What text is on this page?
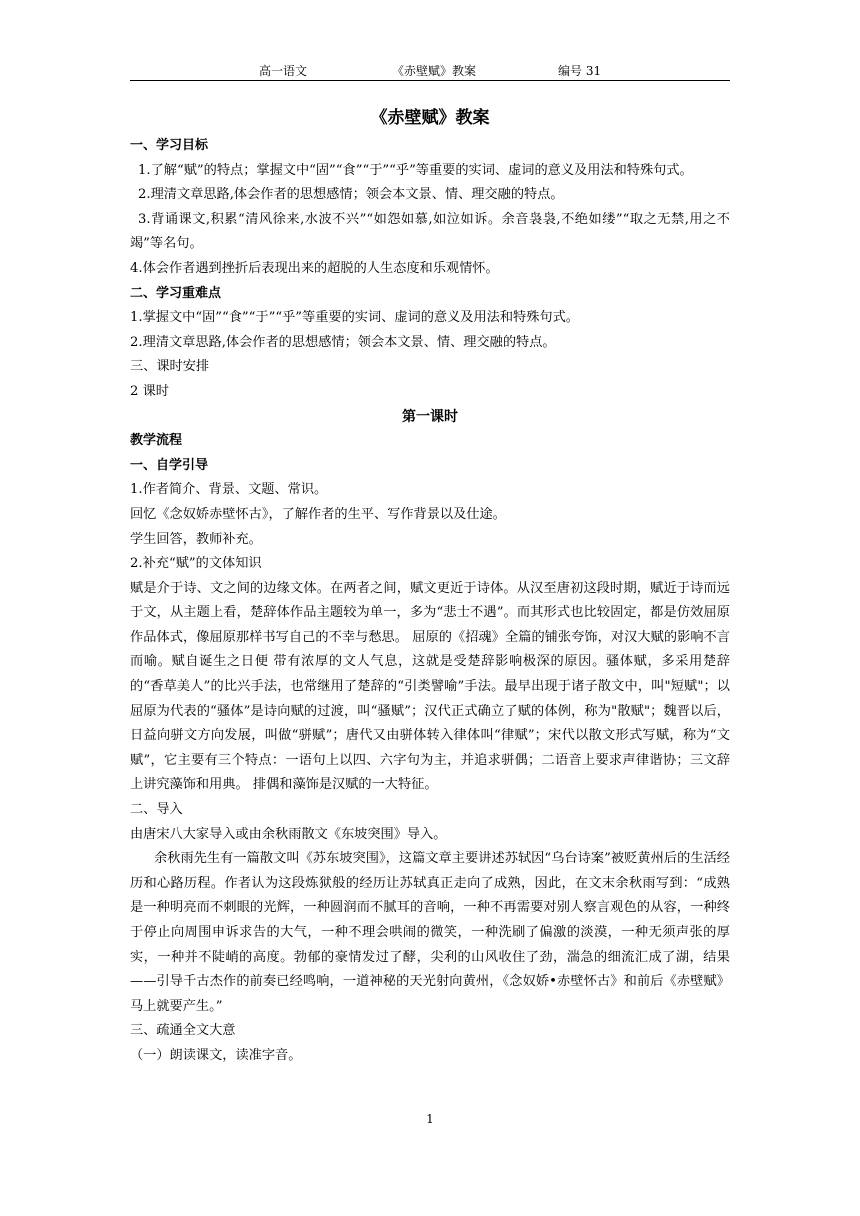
高一语文	《赤壁赋》教案	编号 31
《赤壁赋》教案

一、学习目标

1.了解“赋”的特点；掌握文中“固”“食”“于”“乎”等重要的实词、虚词的意义及用法和特殊句式。

2.理清文章思路,体会作者的思想感情；领会本文景、情、理交融的特点。

3.背诵课文,积累“清风徐来,水波不兴”“如怨如慕,如泣如诉。余音袅袅,不绝如缕”“取之无禁,用之不竭”等名句。

4.体会作者遇到挫折后表现出来的超脱的人生态度和乐观情怀。

二、学习重难点

1.掌握文中“固”“食”“于”“乎”等重要的实词、虚词的意义及用法和特殊句式。

2.理清文章思路,体会作者的思想感情；领会本文景、情、理交融的特点。

三、课时安排

2 课时

第一课时

教学流程

一、自学引导

1.作者简介、背景、文题、常识。

回忆《念奴娇赤壁怀古》，了解作者的生平、写作背景以及仕途。

学生回答，教师补充。

2.补充“赋”的文体知识

赋是介于诗、文之间的边缘文体。在两者之间，赋文更近于诗体。从汉至唐初这段时期，赋近于诗而远于文，从主题上看，楚辞体作品主题较为单一，多为“悲士不遇”。而其形式也比较固定，都是仿效屈原作品体式，像屈原那样书写自己的不幸与愁思。 屈原的《招魂》全篇的铺张夸饰，对汉大赋的影响不言而喻。赋自诞生之日便 带有浓厚的文人气息，这就是受楚辞影响极深的原因。骚体赋，多采用楚辞的“香草美人”的比兴手法，也常继用了楚辞的“引类譬喻”手法。最早出现于诸子散文中，叫"短赋"；以屈原为代表的“骚体”是诗向赋的过渡，叫“骚赋”；汉代正式确立了赋的体例，称为"散赋"；魏晋以后，日益向骈文方向发展，叫做“骈赋”；唐代又由骈体转入律体叫“律赋”；宋代以散文形式写赋，称为“文赋”，它主要有三个特点：一语句上以四、六字句为主，并追求骈偶；二语音上要求声律谐协；三文辞上讲究藻饰和用典。 排偶和藻饰是汉赋的一大特征。

二、导入

由唐宋八大家导入或由余秋雨散文《东坡突围》导入。

余秋雨先生有一篇散文叫《苏东坡突围》，这篇文章主要讲述苏轼因“乌台诗案”被贬黄州后的生活经历和心路历程。作者认为这段炼狱般的经历让苏轼真正走向了成熟，因此，在文末余秋雨写到：“成熟是一种明亮而不刺眼的光辉，一种圆润而不腻耳的音响，一种不再需要对别人察言观色的从容，一种终于停止向周围申诉求告的大气，一种不理会哄闹的微笑，一种洗刷了偏激的淡漠，一种无须声张的厚实，一种并不陡峭的高度。勃郁的豪情发过了酵，尖利的山风收住了劲，湍急的细流汇成了湖，结果——引导千古杰作的前奏已经鸣响，一道神秘的天光射向黄州，《念奴娇•赤壁怀古》和前后《赤壁赋》马上就要产生。”

三、疏通全文大意

（一）朗读课文，读准字音。

1
